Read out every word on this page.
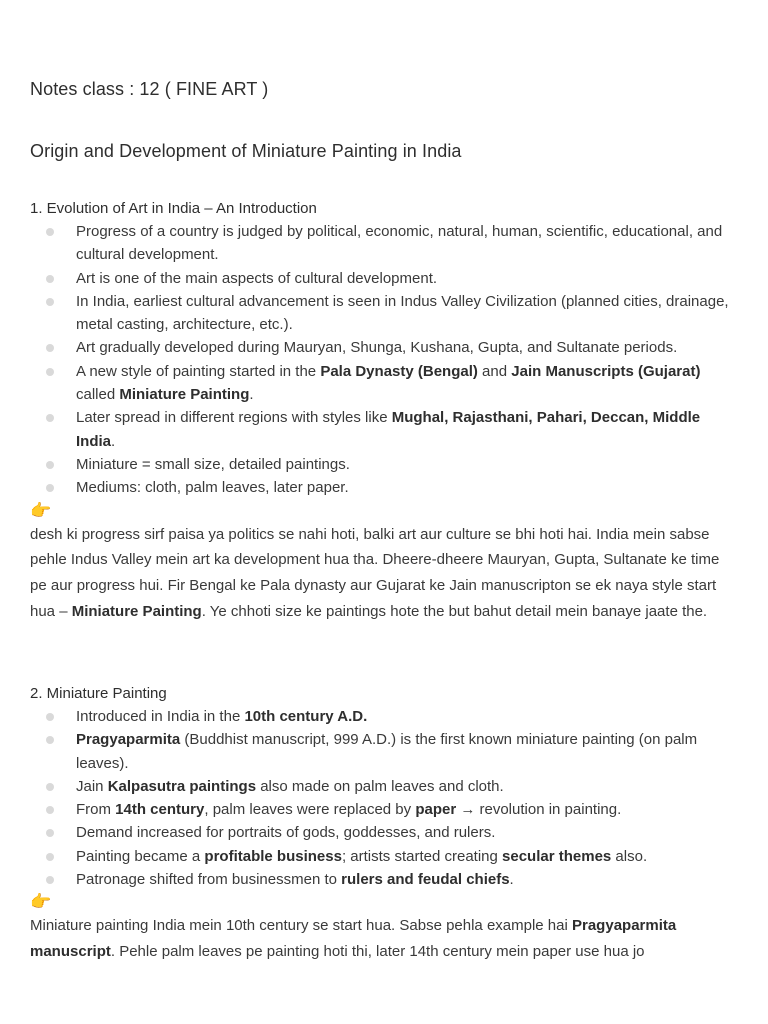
Notes class : 12 ( FINE ART )
Origin and Development of Miniature Painting in India
1. Evolution of Art in India – An Introduction
Progress of a country is judged by political, economic, natural, human, scientific, educational, and cultural development.
Art is one of the main aspects of cultural development.
In India, earliest cultural advancement is seen in Indus Valley Civilization (planned cities, drainage, metal casting, architecture, etc.).
Art gradually developed during Mauryan, Shunga, Kushana, Gupta, and Sultanate periods.
A new style of painting started in the Pala Dynasty (Bengal) and Jain Manuscripts (Gujarat) called Miniature Painting.
Later spread in different regions with styles like Mughal, Rajasthani, Pahari, Deccan, Middle India.
Miniature = small size, detailed paintings.
Mediums: cloth, palm leaves, later paper.
👉

desh ki progress sirf paisa ya politics se nahi hoti, balki art aur culture se bhi hoti hai. India mein sabse pehle Indus Valley mein art ka development hua tha. Dheere-dheere Mauryan, Gupta, Sultanate ke time pe aur progress hui. Fir Bengal ke Pala dynasty aur Gujarat ke Jain manuscripton se ek naya style start hua – Miniature Painting. Ye chhoti size ke paintings hote the but bahut detail mein banaye jaate the.

2. Miniature Painting
Introduced in India in the 10th century A.D.
Pragyaparmita (Buddhist manuscript, 999 A.D.) is the first known miniature painting (on palm leaves).
Jain Kalpasutra paintings also made on palm leaves and cloth.
From 14th century, palm leaves were replaced by paper → revolution in painting.
Demand increased for portraits of gods, goddesses, and rulers.
Painting became a profitable business; artists started creating secular themes also.
Patronage shifted from businessmen to rulers and feudal chiefs.
👉

Miniature painting India mein 10th century se start hua. Sabse pehla example hai Pragyaparmita manuscript. Pehle palm leaves pe painting hoti thi, later 14th century mein paper use hua jo
